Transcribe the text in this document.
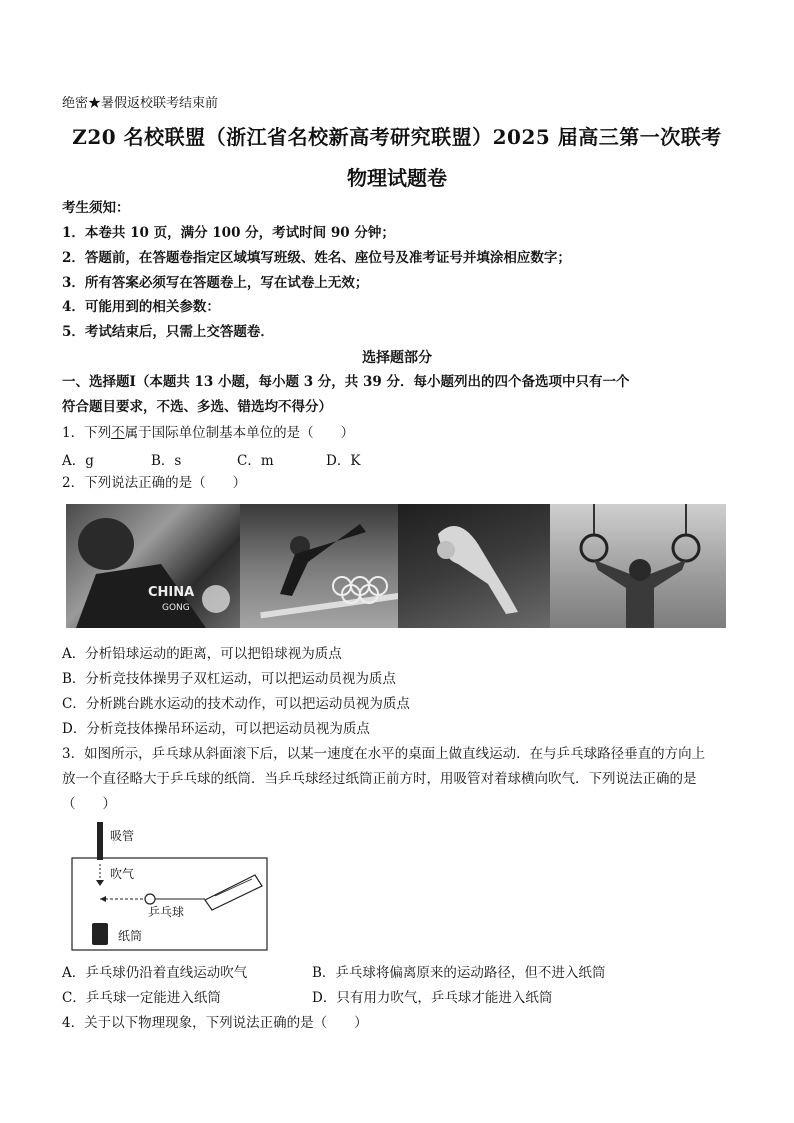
绝密★暑假返校联考结束前
Z20 名校联盟（浙江省名校新高考研究联盟）2025 届高三第一次联考
物理试题卷
考生须知：
1．本卷共 10 页，满分 100 分，考试时间 90 分钟；
2．答题前，在答题卷指定区域填写班级、姓名、座位号及准考证号并填涂相应数字；
3．所有答案必须写在答题卷上，写在试卷上无效；
4．可能用到的相关参数：
5．考试结束后，只需上交答题卷．
选择题部分
一、选择题Ⅰ（本题共 13 小题，每小题 3 分，共 39 分．每小题列出的四个备选项中只有一个
符合题目要求，不选、多选、错选均不得分）
1．下列不属于国际单位制基本单位的是（　　）
A．g	B．s	C．m	D．K
2．下列说法正确的是（　　）
CHINA
GONG
A．分析铅球运动的距离，可以把铅球视为质点
B．分析竞技体操男子双杠运动，可以把运动员视为质点
C．分析跳台跳水运动的技术动作，可以把运动员视为质点
D．分析竞技体操吊环运动，可以把运动员视为质点
3．如图所示，乒乓球从斜面滚下后，以某一速度在水平的桌面上做直线运动．在与乒乓球路径垂直的方向上
放一个直径略大于乒乓球的纸筒．当乒乓球经过纸筒正前方时，用吸管对着球横向吹气．下列说法正确的是
（　　）
吸管
吹气
乒乓球
纸筒
A．乒乓球仍沿着直线运动吹气	B．乒乓球将偏离原来的运动路径，但不进入纸筒
C．乒乓球一定能进入纸筒	D．只有用力吹气，乒乓球才能进入纸筒
4．关于以下物理现象，下列说法正确的是（　　）
